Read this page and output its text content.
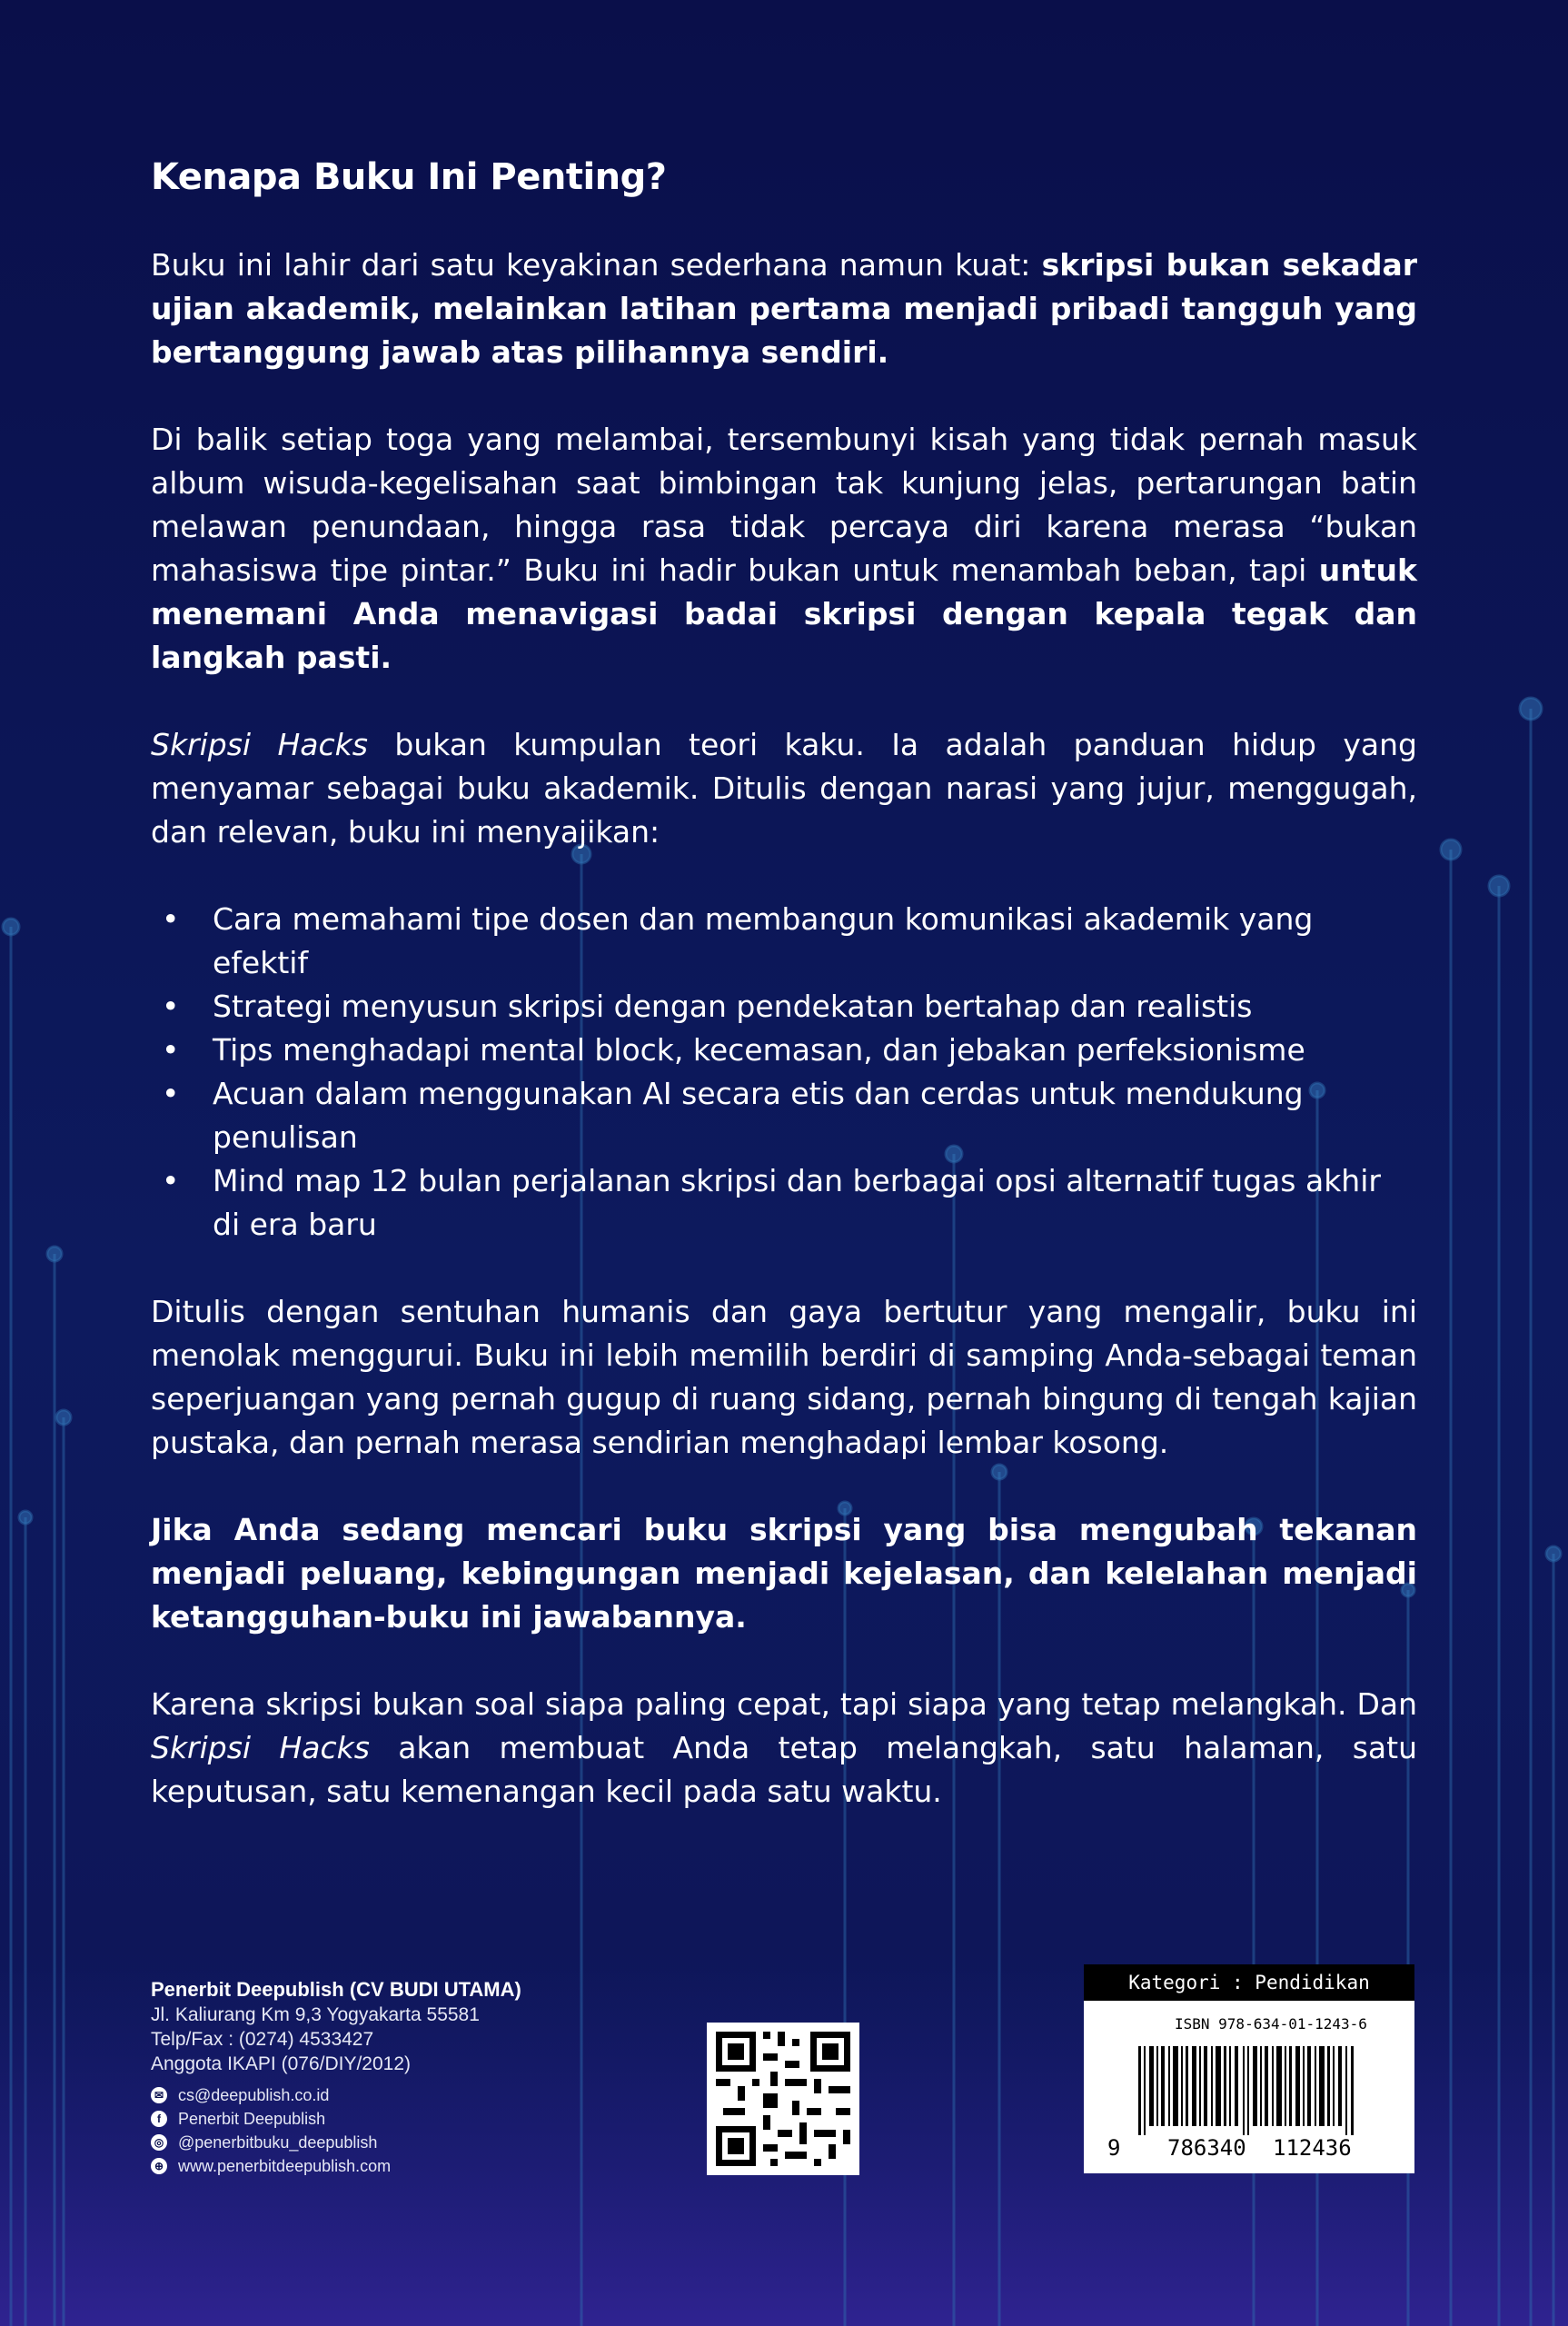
Kenapa Buku Ini Penting?

Buku ini lahir dari satu keyakinan sederhana namun kuat: skripsi bukan sekadar ujian akademik, melainkan latihan pertama menjadi pribadi tangguh yang bertanggung jawab atas pilihannya sendiri.

Di balik setiap toga yang melambai, tersembunyi kisah yang tidak pernah masuk album wisuda-kegelisahan saat bimbingan tak kunjung jelas, pertarungan batin melawan penundaan, hingga rasa tidak percaya diri karena merasa “bukan mahasiswa tipe pintar.” Buku ini hadir bukan untuk menambah beban, tapi untuk menemani Anda menavigasi badai skripsi dengan kepala tegak dan langkah pasti.

Skripsi Hacks bukan kumpulan teori kaku. Ia adalah panduan hidup yang menyamar sebagai buku akademik. Ditulis dengan narasi yang jujur, menggugah, dan relevan, buku ini menyajikan:

• Cara memahami tipe dosen dan membangun komunikasi akademik yang efektif
• Strategi menyusun skripsi dengan pendekatan bertahap dan realistis
• Tips menghadapi mental block, kecemasan, dan jebakan perfeksionisme
• Acuan dalam menggunakan AI secara etis dan cerdas untuk mendukung penulisan
• Mind map 12 bulan perjalanan skripsi dan berbagai opsi alternatif tugas akhir di era baru

Ditulis dengan sentuhan humanis dan gaya bertutur yang mengalir, buku ini menolak menggurui. Buku ini lebih memilih berdiri di samping Anda-sebagai teman seperjuangan yang pernah gugup di ruang sidang, pernah bingung di tengah kajian pustaka, dan pernah merasa sendirian menghadapi lembar kosong.

Jika Anda sedang mencari buku skripsi yang bisa mengubah tekanan menjadi peluang, kebingungan menjadi kejelasan, dan kelelahan menjadi ketangguhan-buku ini jawabannya.

Karena skripsi bukan soal siapa paling cepat, tapi siapa yang tetap melangkah. Dan Skripsi Hacks akan membuat Anda tetap melangkah, satu halaman, satu keputusan, satu kemenangan kecil pada satu waktu.

Penerbit Deepublish (CV BUDI UTAMA)
Jl. Kaliurang Km 9,3 Yogyakarta 55581
Telp/Fax : (0274) 4533427
Anggota IKAPI (076/DIY/2012)
✉ cs@deepublish.co.id
f	Penerbit Deepublish
◎ @penerbitbuku_deepublish
⊕ www.penerbitdeepublish.com
Kategori : Pendidikan
ISBN 978-634-01-1243-6
9 786340 112436
